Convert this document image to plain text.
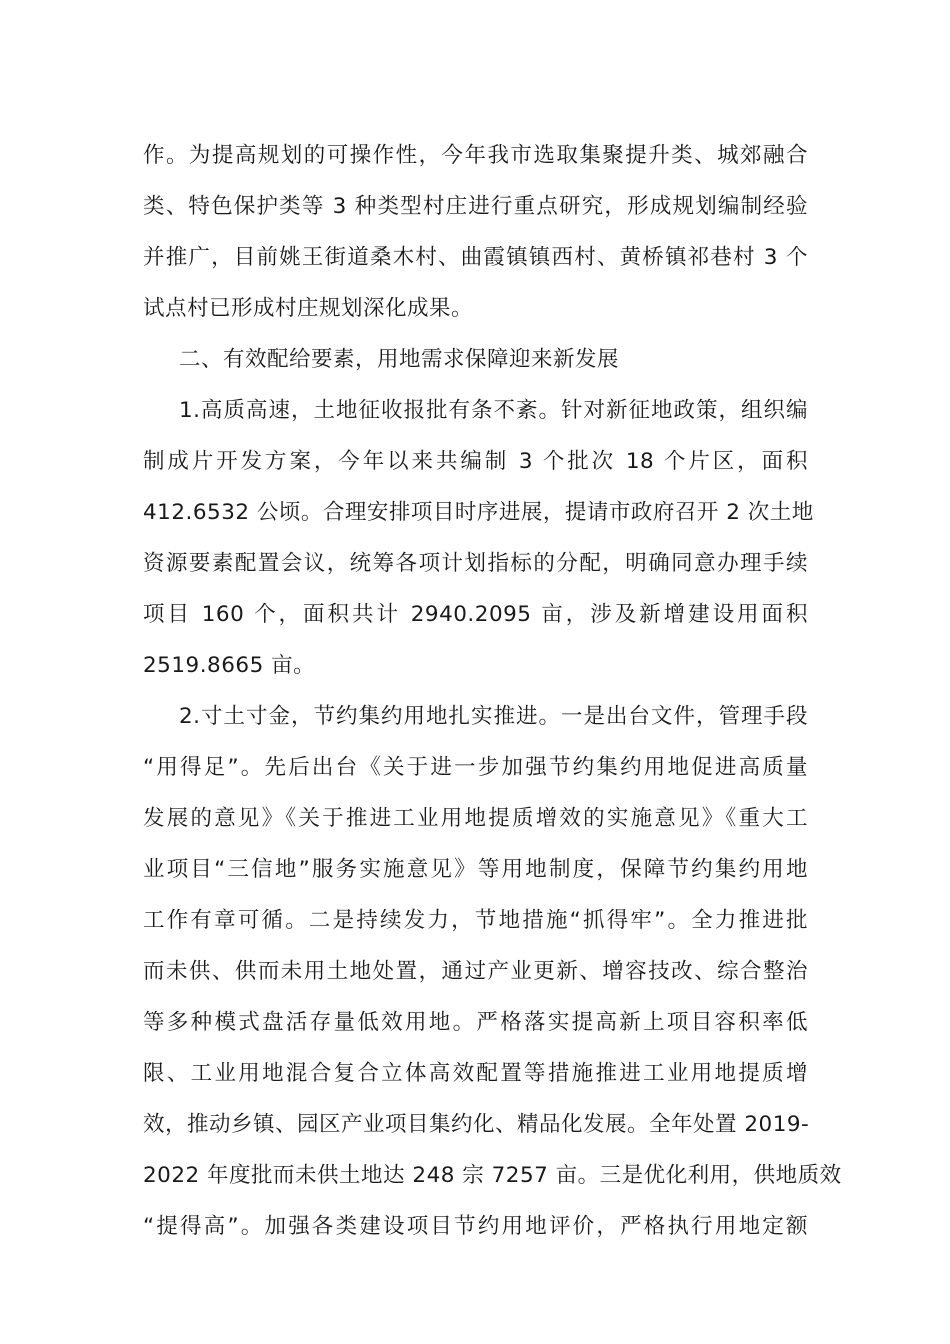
作。为提高规划的可操作性，今年我市选取集聚提升类、城郊融合
类、特色保护类等 3 种类型村庄进行重点研究，形成规划编制经验
并推广，目前姚王街道桑木村、曲霞镇镇西村、黄桥镇祁巷村 3 个
试点村已形成村庄规划深化成果。
二、有效配给要素，用地需求保障迎来新发展
1.高质高速，土地征收报批有条不紊。针对新征地政策，组织编
制成片开发方案，今年以来共编制 3 个批次 18 个片区，面积
412.6532 公顷。合理安排项目时序进展，提请市政府召开 2 次土地
资源要素配置会议，统筹各项计划指标的分配，明确同意办理手续
项目 160 个，面积共计 2940.2095 亩，涉及新增建设用面积
2519.8665 亩。
2.寸土寸金，节约集约用地扎实推进。一是出台文件，管理手段
“用得足”。先后出台《关于进一步加强节约集约用地促进高质量
发展的意见》《关于推进工业用地提质增效的实施意见》《重大工
业项目“三信地”服务实施意见》等用地制度，保障节约集约用地
工作有章可循。二是持续发力，节地措施“抓得牢”。全力推进批
而未供、供而未用土地处置，通过产业更新、增容技改、综合整治
等多种模式盘活存量低效用地。严格落实提高新上项目容积率低
限、工业用地混合复合立体高效配置等措施推进工业用地提质增
效，推动乡镇、园区产业项目集约化、精品化发展。全年处置 2019-
2022 年度批而未供土地达 248 宗 7257 亩。三是优化利用，供地质效
“提得高”。加强各类建设项目节约用地评价，严格执行用地定额
